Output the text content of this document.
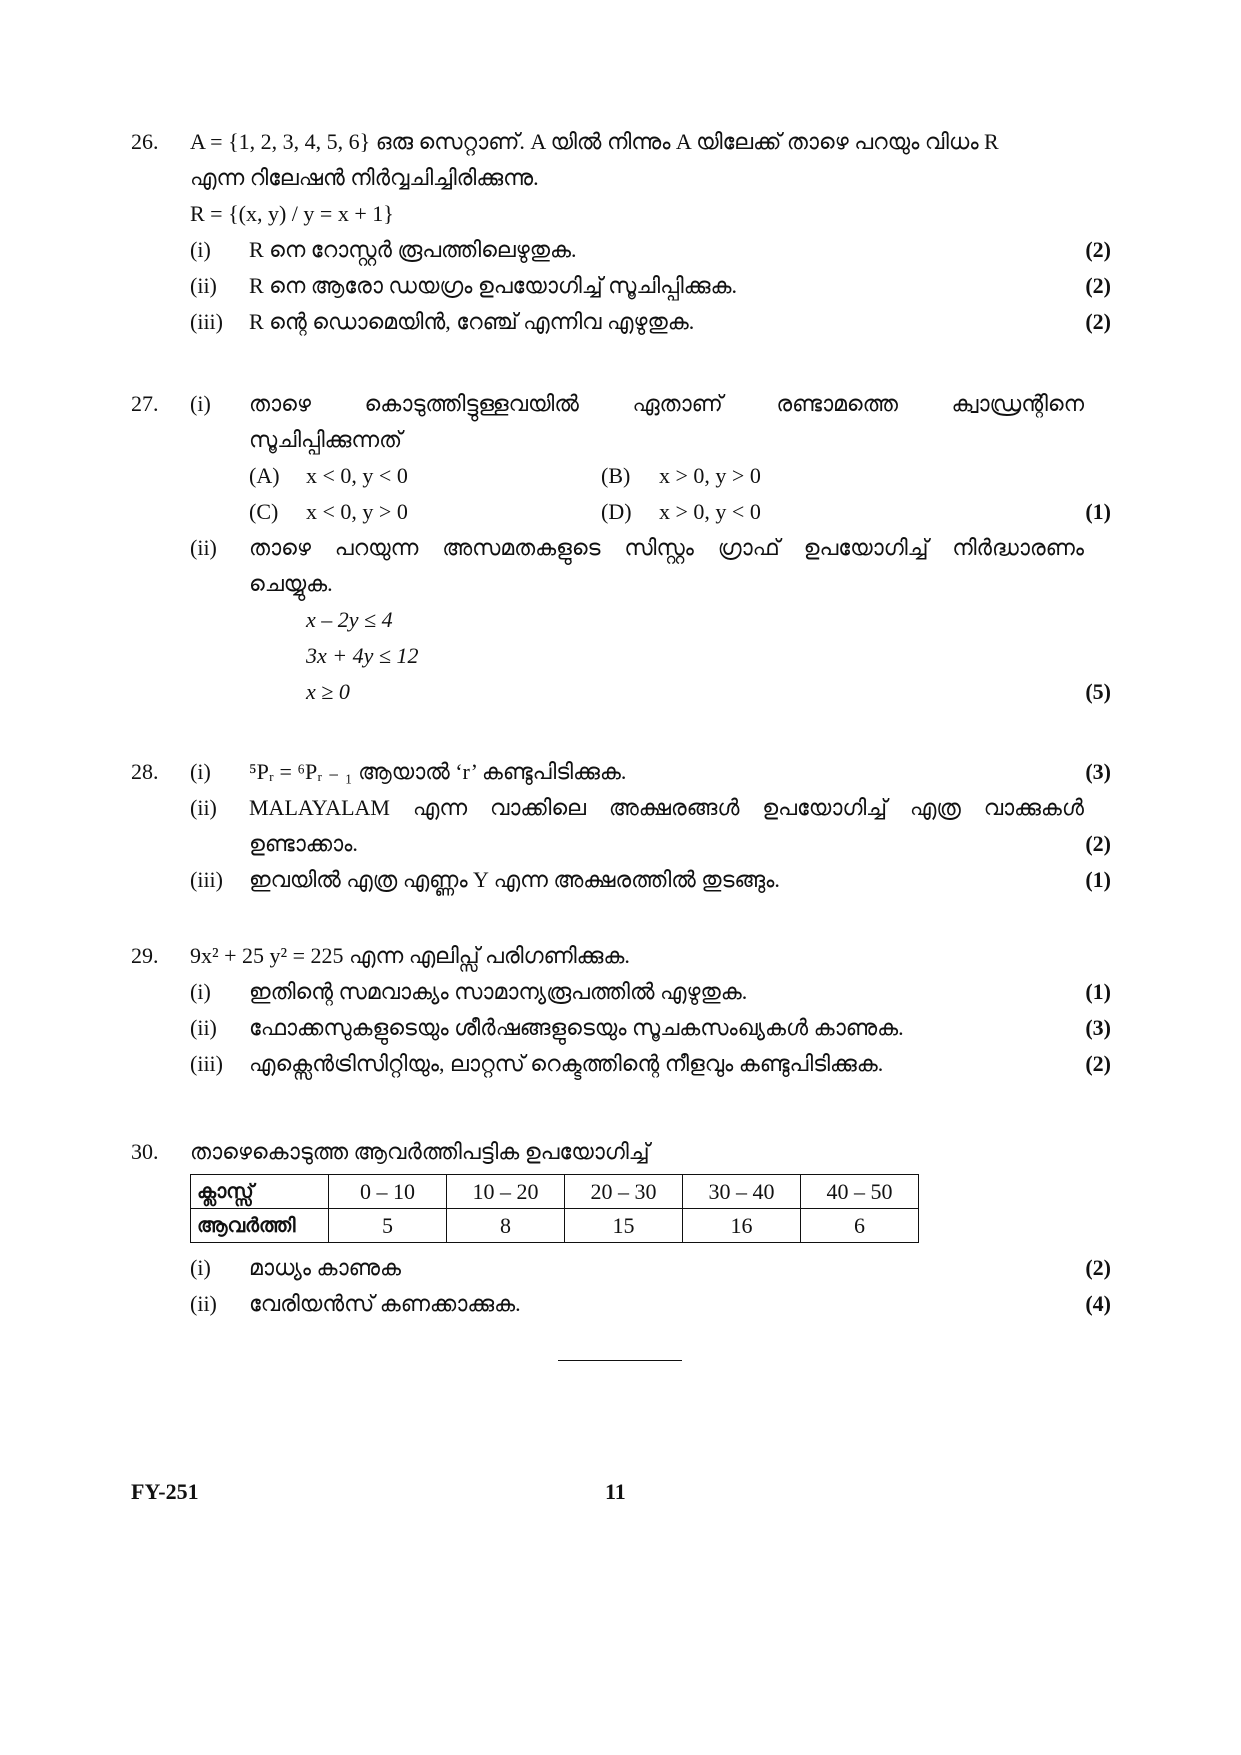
26.	A = {1, 2, 3, 4, 5, 6} ഒരു സെറ്റാണ്. A യിൽ നിന്നും A യിലേക്ക് താഴെ പറയും വിധം R
എന്ന റിലേഷൻ നിർവ്വചിച്ചിരിക്കുന്നു.
R = {(x, y) / y = x + 1}
(i)	R നെ റോസ്റ്റർ രൂപത്തിലെഴുതുക.	(2)
(ii)	R നെ ആരോ ഡയഗ്രം ഉപയോഗിച്ച് സൂചിപ്പിക്കുക.	(2)
(iii)	R ന്റെ ഡൊമെയിൻ, റേഞ്ച് എന്നിവ എഴുതുക.	(2)
27.	(i)	താഴെ കൊടുത്തിട്ടുള്ളവയിൽ ഏതാണ് രണ്ടാമത്തെ ക്വാഡ്രന്റിനെ
സൂചിപ്പിക്കുന്നത്
(A) x < 0, y < 0	(B) x > 0, y > 0
(C) x < 0, y > 0	(D) x > 0, y < 0	(1)
(ii)	താഴെ പറയുന്ന അസമതകളുടെ സിസ്റ്റം ഗ്രാഫ് ഉപയോഗിച്ച് നിർദ്ധാരണം
ചെയ്യുക.
x – 2y ≤ 4
3x + 4y ≤ 12
x ≥ 0	(5)
28.	(i)	⁵Pᵣ = ⁶Pᵣ ₋ ₁ ആയാൽ ‘r’ കണ്ടുപിടിക്കുക.	(3)
(ii)	MALAYALAM എന്ന വാക്കിലെ അക്ഷരങ്ങൾ ഉപയോഗിച്ച് എത്ര വാക്കുകൾ
ഉണ്ടാക്കാം.	(2)
(iii)	ഇവയിൽ എത്ര എണ്ണം Y എന്ന അക്ഷരത്തിൽ തുടങ്ങും.	(1)
29.	9x² + 25 y² = 225 എന്ന എലിപ്സ് പരിഗണിക്കുക.
(i)	ഇതിന്റെ സമവാക്യം സാമാന്യരൂപത്തിൽ എഴുതുക.	(1)
(ii)	ഫോക്കസുകളുടെയും ശീർഷങ്ങളുടെയും സൂചകസംഖ്യകൾ കാണുക.	(3)
(iii)	എക്സെൻട്രിസിറ്റിയും, ലാറ്റസ് റെക്ടത്തിന്റെ നീളവും കണ്ടുപിടിക്കുക.	(2)
30.	താഴെകൊടുത്ത ആവർത്തിപട്ടിക ഉപയോഗിച്ച്
ക്ലാസ്സ്	0 – 10	10 – 20	20 – 30	30 – 40	40 – 50
ആവർത്തി	5	8	15	16	6
(i)	മാധ്യം കാണുക	(2)
(ii)	വേരിയൻസ് കണക്കാക്കുക.	(4)
FY-251	11
